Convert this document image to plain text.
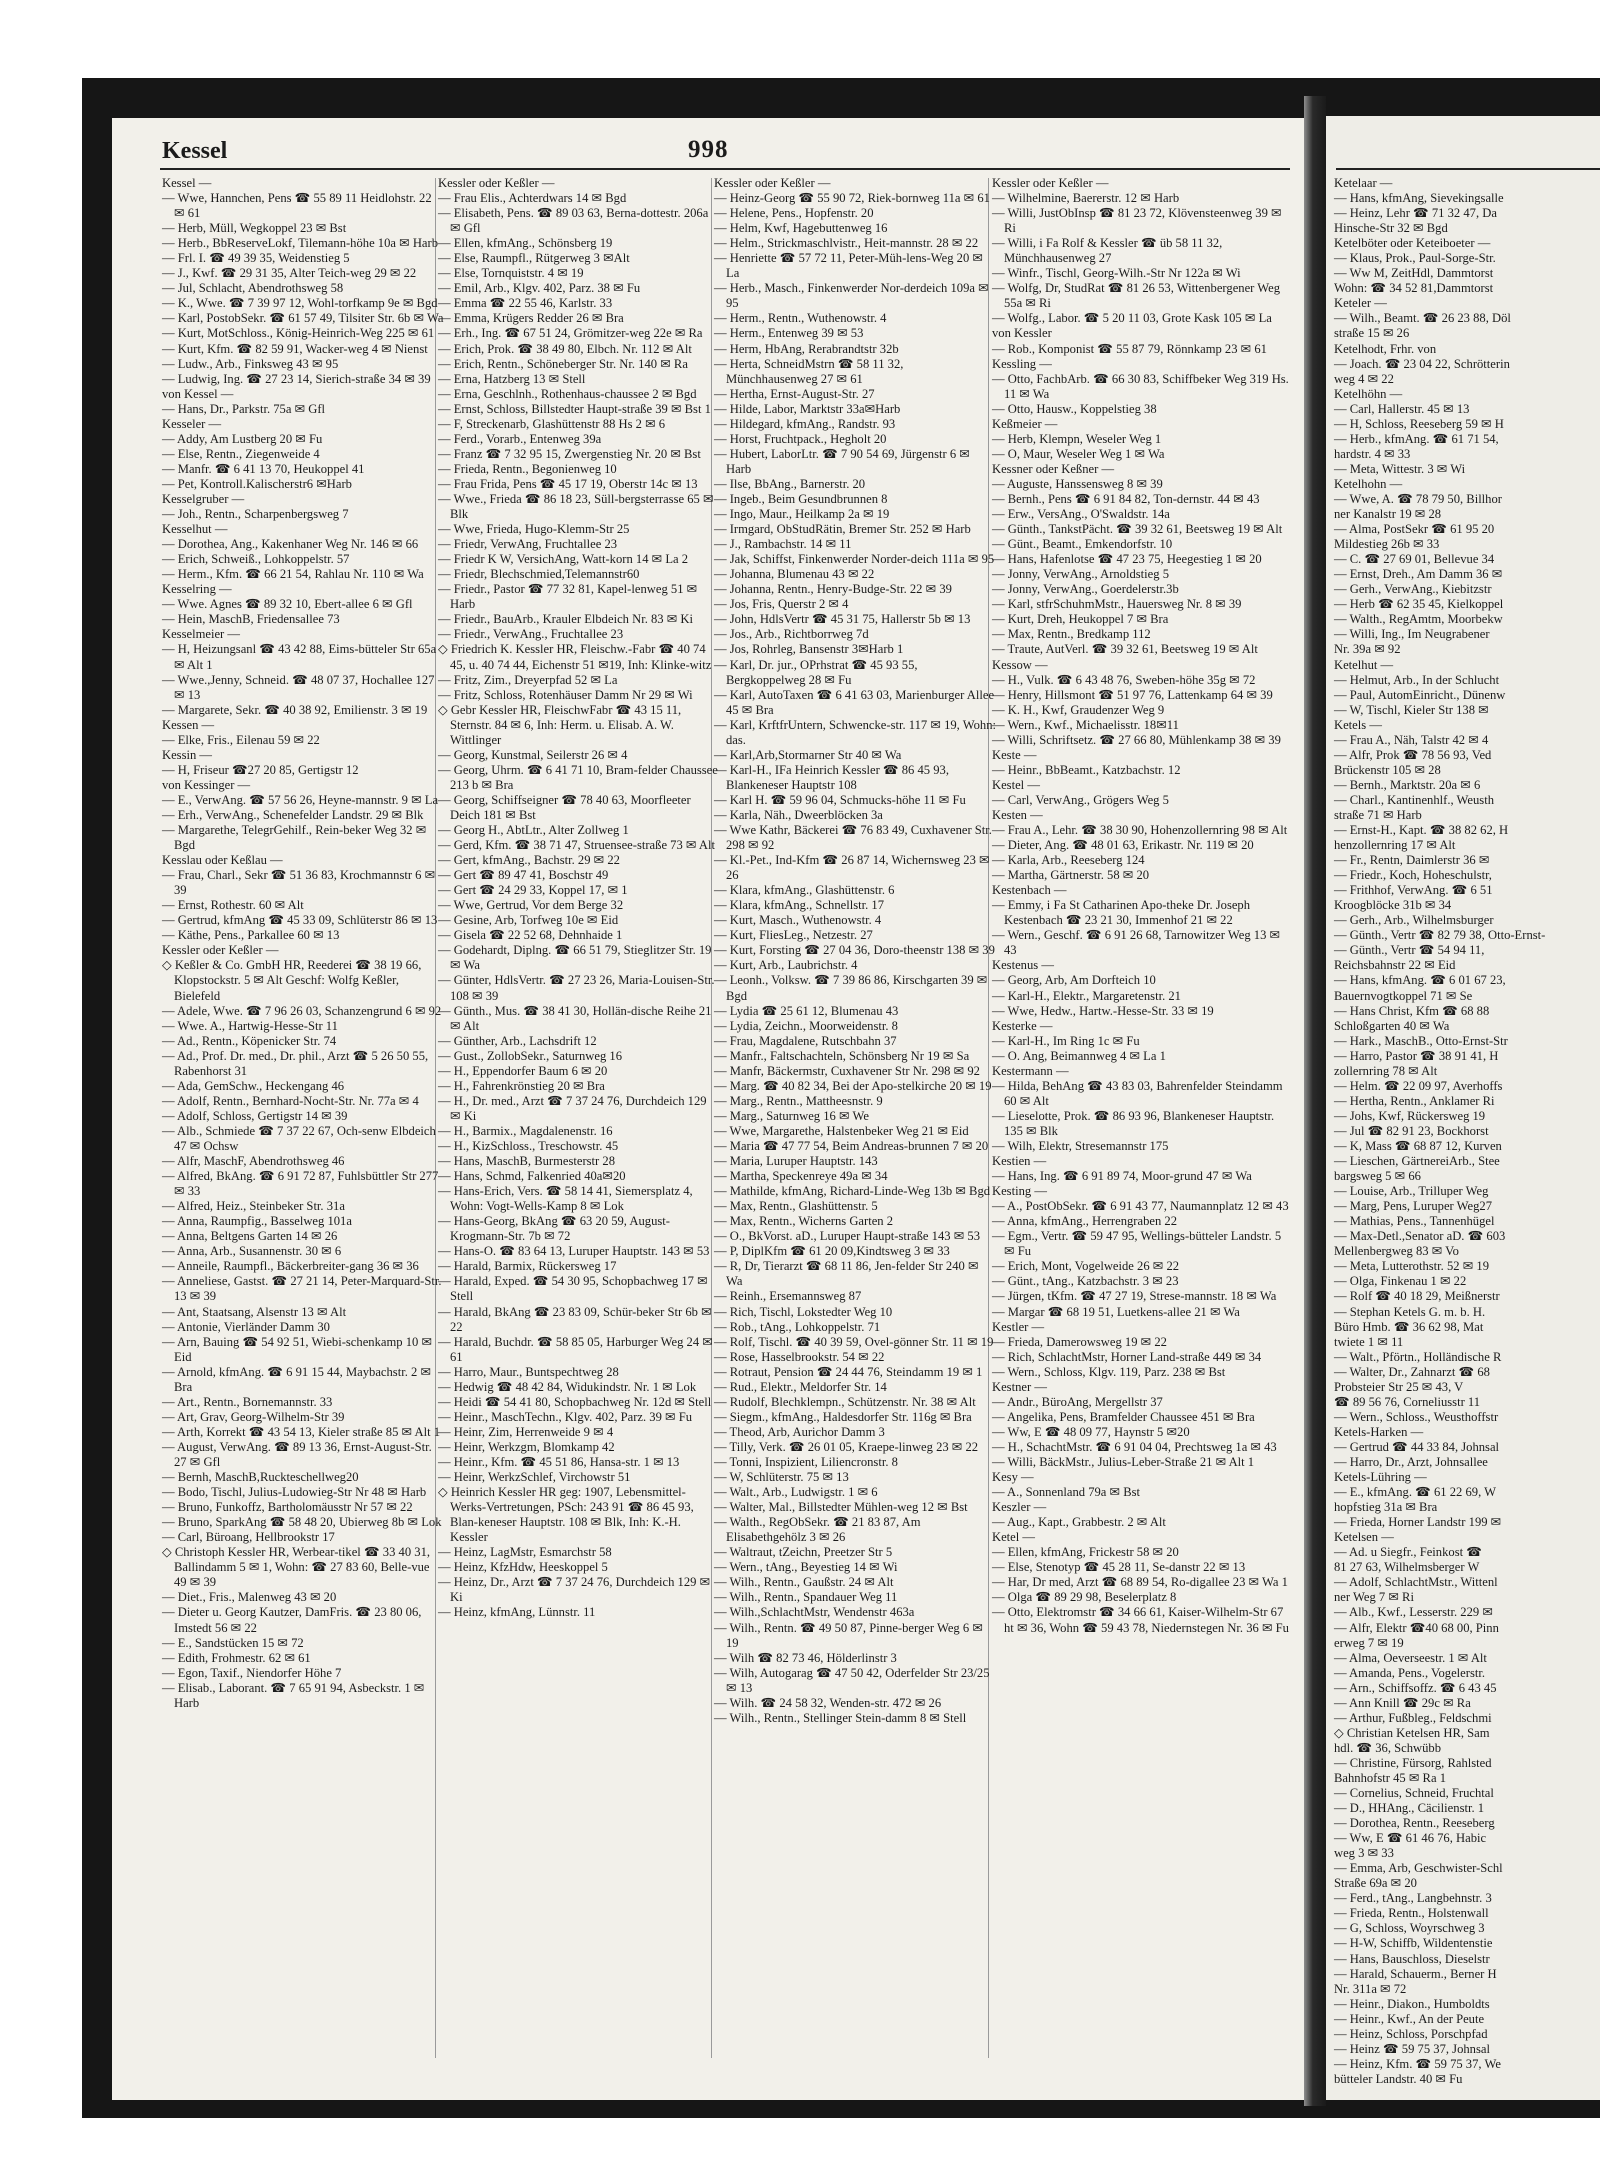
Kessel	998

Kessel —

— Wwe, Hannchen, Pens ☎ 55 89 11 Heidlohstr. 22 ✉ 61

— Herb, Müll, Wegkoppel 23 ✉ Bst

— Herb., BbReserveLokf, Tilemann-höhe 10a ✉ Harb

— Frl. I. ☎ 49 39 35, Weidenstieg 5

— J., Kwf. ☎ 29 31 35, Alter Teich-weg 29 ✉ 22

— Jul, Schlacht, Abendrothsweg 58

— K., Wwe. ☎ 7 39 97 12, Wohl-torfkamp 9e ✉ Bgd

— Karl, PostobSekr. ☎ 61 57 49, Tilsiter Str. 6b ✉ Wa

— Kurt, MotSchloss., König-Heinrich-Weg 225 ✉ 61

— Kurt, Kfm. ☎ 82 59 91, Wacker-weg 4 ✉ Nienst

— Ludw., Arb., Finksweg 43 ✉ 95

— Ludwig, Ing. ☎ 27 23 14, Sierich-straße 34 ✉ 39

von Kessel —

— Hans, Dr., Parkstr. 75a ✉ Gfl

Kesseler —

— Addy, Am Lustberg 20 ✉ Fu

— Else, Rentn., Ziegenweide 4

— Manfr. ☎ 6 41 13 70, Heukoppel 41

— Pet, Kontroll.Kalischerstr6 ✉Harb

Kesselgruber —

— Joh., Rentn., Scharpenbergsweg 7

Kesselhut —

— Dorothea, Ang., Kakenhaner Weg Nr. 146 ✉ 66

— Erich, Schweiß., Lohkoppelstr. 57

— Herm., Kfm. ☎ 66 21 54, Rahlau Nr. 110 ✉ Wa

Kesselring —

— Wwe. Agnes ☎ 89 32 10, Ebert-allee 6 ✉ Gfl

— Hein, MaschB, Friedensallee 73

Kesselmeier —

— H, Heizungsanl ☎ 43 42 88, Eims-bütteler Str 65a ✉ Alt 1

— Wwe.,Jenny, Schneid. ☎ 48 07 37, Hochallee 127 ✉ 13

— Margarete, Sekr. ☎ 40 38 92, Emilienstr. 3 ✉ 19

Kessen —

— Elke, Fris., Eilenau 59 ✉ 22

Kessin —

— H, Friseur ☎27 20 85, Gertigstr 12

von Kessinger —

— E., VerwAng. ☎ 57 56 26, Heyne-mannstr. 9 ✉ La

— Erh., VerwAng., Schenefelder Landstr. 29 ✉ Blk

— Margarethe, TelegrGehilf., Rein-beker Weg 32 ✉ Bgd

Kesslau oder Keßlau —

— Frau, Charl., Sekr ☎ 51 36 83, Krochmannstr 6 ✉ 39

— Ernst, Rothestr. 60 ✉ Alt

— Gertrud, kfmAng ☎ 45 33 09, Schlüterstr 86 ✉ 13

— Käthe, Pens., Parkallee 60 ✉ 13

Kessler oder Keßler —

◇ Keßler & Co. GmbH HR, Reederei ☎ 38 19 66, Klopstockstr. 5 ✉ Alt Geschf: Wolfg Keßler, Bielefeld

— Adele, Wwe. ☎ 7 96 26 03, Schanzengrund 6 ✉ 92

— Wwe. A., Hartwig-Hesse-Str 11

— Ad., Rentn., Köpenicker Str. 74

— Ad., Prof. Dr. med., Dr. phil., Arzt ☎ 5 26 50 55, Rabenhorst 31

— Ada, GemSchw., Heckengang 46

— Adolf, Rentn., Bernhard-Nocht-Str. Nr. 77a ✉ 4

— Adolf, Schloss, Gertigstr 14 ✉ 39

— Alb., Schmiede ☎ 7 37 22 67, Och-senw Elbdeich 47 ✉ Ochsw

— Alfr, MaschF, Abendrothsweg 46

— Alfred, BkAng. ☎ 6 91 72 87, Fuhlsbüttler Str 277 ✉ 33

— Alfred, Heiz., Steinbeker Str. 31a

— Anna, Raumpfig., Basselweg 101a

— Anna, Beltgens Garten 14 ✉ 26

— Anna, Arb., Susannenstr. 30 ✉ 6

— Anneile, Raumpfl., Bäckerbreiter-gang 36 ✉ 36

— Anneliese, Gastst. ☎ 27 21 14, Peter-Marquard-Str. 13 ✉ 39

— Ant, Staatsang, Alsenstr 13 ✉ Alt

— Antonie, Vierländer Damm 30

— Arn, Bauing ☎ 54 92 51, Wiebi-schenkamp 10 ✉ Eid

— Arnold, kfmAng. ☎ 6 91 15 44, Maybachstr. 2 ✉ Bra

— Art., Rentn., Bornemannstr. 33

— Art, Grav, Georg-Wilhelm-Str 39

— Arth, Korrekt ☎ 43 54 13, Kieler straße 85 ✉ Alt 1

— August, VerwAng. ☎ 89 13 36, Ernst-August-Str. 27 ✉ Gfl

— Bernh, MaschB,Ruckteschellweg20

— Bodo, Tischl, Julius-Ludowieg-Str Nr 48 ✉ Harb

— Bruno, Funkoffz, Bartholomäusstr Nr 57 ✉ 22

— Bruno, SparkAng ☎ 58 48 20, Ubierweg 8b ✉ Lok

— Carl, Büroang, Hellbrookstr 17

◇ Christoph Kessler HR, Werbear-tikel ☎ 33 40 31, Ballindamm 5 ✉ 1, Wohn: ☎ 27 83 60, Belle-vue 49 ✉ 39

— Diet., Fris., Malenweg 43 ✉ 20

— Dieter u. Georg Kautzer, DamFris. ☎ 23 80 06, Imstedt 56 ✉ 22

— E., Sandstücken 15 ✉ 72

— Edith, Frohmestr. 62 ✉ 61

— Egon, Taxif., Niendorfer Höhe 7

— Elisab., Laborant. ☎ 7 65 91 94, Asbeckstr. 1 ✉ Harb

Kessler oder Keßler —

— Frau Elis., Achterdwars 14 ✉ Bgd

— Elisabeth, Pens. ☎ 89 03 63, Berna-dottestr. 206a ✉ Gfl

— Ellen, kfmAng., Schönsberg 19

— Else, Raumpfl., Rütgerweg 3 ✉Alt

— Else, Tornquiststr. 4 ✉ 19

— Emil, Arb., Klgv. 402, Parz. 38 ✉ Fu

— Emma ☎ 22 55 46, Karlstr. 33

— Emma, Krügers Redder 26 ✉ Bra

— Erh., Ing. ☎ 67 51 24, Grömitzer-weg 22e ✉ Ra

— Erich, Prok. ☎ 38 49 80, Elbch. Nr. 112 ✉ Alt

— Erich, Rentn., Schöneberger Str. Nr. 140 ✉ Ra

— Erna, Hatzberg 13 ✉ Stell

— Erna, Geschlnh., Rothenhaus-chaussee 2 ✉ Bgd

— Ernst, Schloss, Billstedter Haupt-straße 39 ✉ Bst 1

— F, Streckenarb, Glashüttenstr 88 Hs 2 ✉ 6

— Ferd., Vorarb., Entenweg 39a

— Franz ☎ 7 32 95 15, Zwergenstieg Nr. 20 ✉ Bst

— Frieda, Rentn., Begonienweg 10

— Frau Frida, Pens ☎ 45 17 19, Oberstr 14c ✉ 13

— Wwe., Frieda ☎ 86 18 23, Süll-bergsterrasse 65 ✉ Blk

— Wwe, Frieda, Hugo-Klemm-Str 25

— Friedr, VerwAng, Fruchtallee 23

— Friedr K W, VersichAng, Watt-korn 14 ✉ La 2

— Friedr, Blechschmied,Telemannstr60

— Friedr., Pastor ☎ 77 32 81, Kapel-lenweg 51 ✉ Harb

— Friedr., BauArb., Krauler Elbdeich Nr. 83 ✉ Ki

— Friedr., VerwAng., Fruchtallee 23

◇ Friedrich K. Kessler HR, Fleischw.-Fabr ☎ 40 74 45, u. 40 74 44, Eichenstr 51 ✉19, Inh: Klinke-witz

— Fritz, Zim., Dreyerpfad 52 ✉ La

— Fritz, Schloss, Rotenhäuser Damm Nr 29 ✉ Wi

◇ Gebr Kessler HR, FleischwFabr ☎ 43 15 11, Sternstr. 84 ✉ 6, Inh: Herm. u. Elisab. A. W. Wittlinger

— Georg, Kunstmal, Seilerstr 26 ✉ 4

— Georg, Uhrm. ☎ 6 41 71 10, Bram-felder Chaussee 213 b ✉ Bra

— Georg, Schiffseigner ☎ 78 40 63, Moorfleeter Deich 181 ✉ Bst

— Georg H., AbtLtr., Alter Zollweg 1

— Gerd, Kfm. ☎ 38 71 47, Struensee-straße 73 ✉ Alt

— Gert, kfmAng., Bachstr. 29 ✉ 22

— Gert ☎ 89 47 41, Boschstr 49

— Gert ☎ 24 29 33, Koppel 17, ✉ 1

— Wwe, Gertrud, Vor dem Berge 32

— Gesine, Arb, Torfweg 10e ✉ Eid

— Gisela ☎ 22 52 68, Dehnhaide 1

— Godehardt, Diplng. ☎ 66 51 79, Stieglitzer Str. 19 ✉ Wa

— Günter, HdlsVertr. ☎ 27 23 26, Maria-Louisen-Str. 108 ✉ 39

— Günth., Mus. ☎ 38 41 30, Hollän-dische Reihe 21 ✉ Alt

— Günther, Arb., Lachsdrift 12

— Gust., ZollobSekr., Saturnweg 16

— H., Eppendorfer Baum 6 ✉ 20

— H., Fahrenkrönstieg 20 ✉ Bra

— H., Dr. med., Arzt ☎ 7 37 24 76, Durchdeich 129 ✉ Ki

— H., Barmix., Magdalenenstr. 16

— H., KizSchloss., Treschowstr. 45

— Hans, MaschB, Burmesterstr 28

— Hans, Schmd, Falkenried 40a✉20

— Hans-Erich, Vers. ☎ 58 14 41, Siemersplatz 4, Wohn: Vogt-Wells-Kamp 8 ✉ Lok

— Hans-Georg, BkAng ☎ 63 20 59, August-Krogmann-Str. 7b ✉ 72

— Hans-O. ☎ 83 64 13, Luruper Hauptstr. 143 ✉ 53

— Harald, Barmix, Rückersweg 17

— Harald, Exped. ☎ 54 30 95, Schopbachweg 17 ✉ Stell

— Harald, BkAng ☎ 23 83 09, Schür-beker Str 6b ✉ 22

— Harald, Buchdr. ☎ 58 85 05, Harburger Weg 24 ✉ 61

— Harro, Maur., Buntspechtweg 28

— Hedwig ☎ 48 42 84, Widukindstr. Nr. 1 ✉ Lok

— Heidi ☎ 54 41 80, Schopbachweg Nr. 12d ✉ Stell

— Heinr., MaschTechn., Klgv. 402, Parz. 39 ✉ Fu

— Heinr, Zim, Herrenweide 9 ✉ 4

— Heinr, Werkzgm, Blomkamp 42

— Heinr., Kfm. ☎ 45 51 86, Hansa-str. 1 ✉ 13

— Heinr, WerkzSchlef, Virchowstr 51

◇ Heinrich Kessler HR geg: 1907, Lebensmittel-Werks-Vertretungen, PSch: 243 91 ☎ 86 45 93, Blan-keneser Hauptstr. 108 ✉ Blk, Inh: K.-H. Kessler

— Heinz, LagMstr, Esmarchstr 58

— Heinz, KfzHdw, Heeskoppel 5

— Heinz, Dr., Arzt ☎ 7 37 24 76, Durchdeich 129 ✉ Ki

— Heinz, kfmAng, Lünnstr. 11

Kessler oder Keßler —

— Heinz-Georg ☎ 55 90 72, Riek-bornweg 11a ✉ 61

— Helene, Pens., Hopfenstr. 20

— Helm, Kwf, Hagebuttenweg 16

— Helm., Strickmaschlvistr., Heit-mannstr. 28 ✉ 22

— Henriette ☎ 57 72 11, Peter-Müh-lens-Weg 20 ✉ La

— Herb., Masch., Finkenwerder Nor-derdeich 109a ✉ 95

— Herm., Rentn., Wuthenowstr. 4

— Herm., Entenweg 39 ✉ 53

— Herm, HbAng, Rerabrandtstr 32b

— Herta, SchneidMstrn ☎ 58 11 32, Münchhausenweg 27 ✉ 61

— Hertha, Ernst-August-Str. 27

— Hilde, Labor, Marktstr 33a✉Harb

— Hildegard, kfmAng., Randstr. 93

— Horst, Fruchtpack., Hegholt 20

— Hubert, LaborLtr. ☎ 7 90 54 69, Jürgenstr 6 ✉ Harb

— Ilse, BbAng., Barnerstr. 20

— Ingeb., Beim Gesundbrunnen 8

— Ingo, Maur., Heilkamp 2a ✉ 19

— Irmgard, ObStudRätin, Bremer Str. 252 ✉ Harb

— J., Rambachstr. 14 ✉ 11

— Jak, Schiffst, Finkenwerder Norder-deich 111a ✉ 95

— Johanna, Blumenau 43 ✉ 22

— Johanna, Rentn., Henry-Budge-Str. 22 ✉ 39

— Jos, Fris, Querstr 2 ✉ 4

— John, HdlsVertr ☎ 45 31 75, Hallerstr 5b ✉ 13

— Jos., Arb., Richtborrweg 7d

— Jos, Rohrleg, Bansenstr 3✉Harb 1

— Karl, Dr. jur., OPrhstrat ☎ 45 93 55, Bergkoppelweg 28 ✉ Fu

— Karl, AutoTaxen ☎ 6 41 63 03, Marienburger Allee 45 ✉ Bra

— Karl, KrftfrUntern, Schwencke-str. 117 ✉ 19, Wohn: das.

— Karl,Arb,Stormarner Str 40 ✉ Wa

— Karl-H., IFa Heinrich Kessler ☎ 86 45 93, Blankeneser Hauptstr 108

— Karl H. ☎ 59 96 04, Schmucks-höhe 11 ✉ Fu

— Karla, Näh., Dweerblöcken 3a

— Wwe Kathr, Bäckerei ☎ 76 83 49, Cuxhavener Str. 298 ✉ 92

— Kl.-Pet., Ind-Kfm ☎ 26 87 14, Wichernsweg 23 ✉ 26

— Klara, kfmAng., Glashüttenstr. 6

— Klara, kfmAng., Schnellstr. 17

— Kurt, Masch., Wuthenowstr. 4

— Kurt, FliesLeg., Netzestr. 27

— Kurt, Forsting ☎ 27 04 36, Doro-theenstr 138 ✉ 39

— Kurt, Arb., Laubrichstr. 4

— Leonh., Volksw. ☎ 7 39 86 86, Kirschgarten 39 ✉ Bgd

— Lydia ☎ 25 61 12, Blumenau 43

— Lydia, Zeichn., Moorweidenstr. 8

— Frau, Magdalene, Rutschbahn 37

— Manfr., Faltschachteln, Schönsberg Nr 19 ✉ Sa

— Manfr, Bäckermstr, Cuxhavener Str Nr. 298 ✉ 92

— Marg. ☎ 40 82 34, Bei der Apo-stelkirche 20 ✉ 19

— Marg., Rentn., Mattheesnstr. 9

— Marg., Saturnweg 16 ✉ We

— Wwe, Margarethe, Halstenbeker Weg 21 ✉ Eid

— Maria ☎ 47 77 54, Beim Andreas-brunnen 7 ✉ 20

— Maria, Luruper Hauptstr. 143

— Martha, Speckenreye 49a ✉ 34

— Mathilde, kfmAng, Richard-Linde-Weg 13b ✉ Bgd

— Max, Rentn., Glashüttenstr. 5

— Max, Rentn., Wicherns Garten 2

— O., BkVorst. aD., Luruper Haupt-straße 143 ✉ 53

— P, DiplKfm ☎ 61 20 09,Kindtsweg 3 ✉ 33

— R, Dr, Tierarzt ☎ 68 11 86, Jen-felder Str 240 ✉ Wa

— Reinh., Ersemannsweg 87

— Rich, Tischl, Lokstedter Weg 10

— Rob., tAng., Lohkoppelstr. 71

— Rolf, Tischl. ☎ 40 39 59, Ovel-gönner Str. 11 ✉ 19

— Rose, Hasselbrookstr. 54 ✉ 22

— Rotraut, Pension ☎ 24 44 76, Steindamm 19 ✉ 1

— Rud., Elektr., Meldorfer Str. 14

— Rudolf, Blechklempn., Schützenstr. Nr. 38 ✉ Alt

— Siegm., kfmAng., Haldesdorfer Str. 116g ✉ Bra

— Theod, Arb, Aurichor Damm 3

— Tilly, Verk. ☎ 26 01 05, Kraepe-linweg 23 ✉ 22

— Tonni, Inspizient, Liliencronstr. 8

— W, Schlüterstr. 75 ✉ 13

— Walt., Arb., Ludwigstr. 1 ✉ 6

— Walter, Mal., Billstedter Mühlen-weg 12 ✉ Bst

— Walth., RegObSekr. ☎ 21 83 87, Am Elisabethgehölz 3 ✉ 26

— Waltraut, tZeichn, Preetzer Str 5

— Wern., tAng., Beyestieg 14 ✉ Wi

— Wilh., Rentn., Gaußstr. 24 ✉ Alt

— Wilh., Rentn., Spandauer Weg 11

— Wilh.,SchlachtMstr, Wendenstr 463a

— Wilh., Rentn. ☎ 49 50 87, Pinne-berger Weg 6 ✉ 19

— Wilh ☎ 82 73 46, Hölderlinstr 3

— Wilh, Autogarag ☎ 47 50 42, Oderfelder Str 23/25 ✉ 13

— Wilh. ☎ 24 58 32, Wenden-str. 472 ✉ 26

— Wilh., Rentn., Stellinger Stein-damm 8 ✉ Stell

Kessler oder Keßler —

— Wilhelmine, Baererstr. 12 ✉ Harb

— Willi, JustObInsp ☎ 81 23 72, Klövensteenweg 39 ✉ Ri

— Willi, i Fa Rolf & Kessler ☎ üb 58 11 32, Münchhausenweg 27

— Winfr., Tischl, Georg-Wilh.-Str Nr 122a ✉ Wi

— Wolfg, Dr, StudRat ☎ 81 26 53, Wittenbergener Weg 55a ✉ Ri

— Wolfg., Labor. ☎ 5 20 11 03, Grote Kask 105 ✉ La

von Kessler

— Rob., Komponist ☎ 55 87 79, Rönnkamp 23 ✉ 61

Kessling —

— Otto, FachbArb. ☎ 66 30 83, Schiffbeker Weg 319 Hs. 11 ✉ Wa

— Otto, Hausw., Koppelstieg 38

Keßmeier —

— Herb, Klempn, Weseler Weg 1

— O, Maur, Weseler Weg 1 ✉ Wa

Kessner oder Keßner —

— Auguste, Hanssensweg 8 ✉ 39

— Bernh., Pens ☎ 6 91 84 82, Ton-dernstr. 44 ✉ 43

— Erw., VersAng., O'Swaldstr. 14a

— Günth., TankstPächt. ☎ 39 32 61, Beetsweg 19 ✉ Alt

— Günt., Beamt., Emkendorfstr. 10

— Hans, Hafenlotse ☎ 47 23 75, Heegestieg 1 ✉ 20

— Jonny, VerwAng., Arnoldstieg 5

— Jonny, VerwAng., Goerdelerstr.3b

— Karl, stfrSchuhmMstr., Hauersweg Nr. 8 ✉ 39

— Kurt, Dreh, Heukoppel 7 ✉ Bra

— Max, Rentn., Bredkamp 112

— Traute, AutVerl. ☎ 39 32 61, Beetsweg 19 ✉ Alt

Kessow —

— H., Vulk. ☎ 6 43 48 76, Sweben-höhe 35g ✉ 72

— Henry, Hillsmont ☎ 51 97 76, Lattenkamp 64 ✉ 39

— K. H., Kwf, Graudenzer Weg 9

— Wern., Kwf., Michaelisstr. 18✉11

— Willi, Schriftsetz. ☎ 27 66 80, Mühlenkamp 38 ✉ 39

Keste —

— Heinr., BbBeamt., Katzbachstr. 12

Kestel —

— Carl, VerwAng., Grögers Weg 5

Kesten —

— Frau A., Lehr. ☎ 38 30 90, Hohenzollernring 98 ✉ Alt

— Dieter, Ang. ☎ 48 01 63, Erikastr. Nr. 119 ✉ 20

— Karla, Arb., Reeseberg 124

— Martha, Gärtnerstr. 58 ✉ 20

Kestenbach —

— Emmy, i Fa St Catharinen Apo-theke Dr. Joseph Kestenbach ☎ 23 21 30, Immenhof 21 ✉ 22

— Wern., Geschf. ☎ 6 91 26 68, Tarnowitzer Weg 13 ✉ 43

Kestenus —

— Georg, Arb, Am Dorfteich 10

— Karl-H., Elektr., Margaretenstr. 21

— Wwe, Hedw., Hartw.-Hesse-Str. 33 ✉ 19

Kesterke —

— Karl-H., Im Ring 1c ✉ Fu

— O. Ang, Beimannweg 4 ✉ La 1

Kestermann —

— Hilda, BehAng ☎ 43 83 03, Bahrenfelder Steindamm 60 ✉ Alt

— Lieselotte, Prok. ☎ 86 93 96, Blankeneser Hauptstr. 135 ✉ Blk

— Wilh, Elektr, Stresemannstr 175

Kestien —

— Hans, Ing. ☎ 6 91 89 74, Moor-grund 47 ✉ Wa

Kesting —

— A., PostObSekr. ☎ 6 91 43 77, Naumannplatz 12 ✉ 43

— Anna, kfmAng., Herrengraben 22

— Egm., Vertr. ☎ 59 47 95, Wellings-bütteler Landstr. 5 ✉ Fu

— Erich, Mont, Vogelweide 26 ✉ 22

— Günt., tAng., Katzbachstr. 3 ✉ 23

— Jürgen, tKfm. ☎ 47 27 19, Strese-mannstr. 18 ✉ Wa

— Margar ☎ 68 19 51, Luetkens-allee 21 ✉ Wa

Kestler —

— Frieda, Damerowsweg 19 ✉ 22

— Rich, SchlachtMstr, Horner Land-straße 449 ✉ 34

— Wern., Schloss, Klgv. 119, Parz. 238 ✉ Bst

Kestner —

— Andr., BüroAng, Mergellstr 37

— Angelika, Pens, Bramfelder Chaussee 451 ✉ Bra

— Ww, E ☎ 48 09 77, Haynstr 5 ✉20

— H., SchachtMstr. ☎ 6 91 04 04, Prechtsweg 1a ✉ 43

— Willi, BäckMstr., Julius-Leber-Straße 21 ✉ Alt 1

Kesy —

— A., Sonnenland 79a ✉ Bst

Keszler —

— Aug., Kapt., Grabbestr. 2 ✉ Alt

Ketel —

— Ellen, kfmAng, Frickestr 58 ✉ 20

— Else, Stenotyp ☎ 45 28 11, Se-danstr 22 ✉ 13

— Har, Dr med, Arzt ☎ 68 89 54, Ro-digallee 23 ✉ Wa 1

— Olga ☎ 89 29 98, Beselerplatz 8

— Otto, Elektromstr ☎ 34 66 61, Kaiser-Wilhelm-Str 67 ht ✉ 36, Wohn ☎ 59 43 78, Niedernstegen Nr. 36 ✉ Fu

Ketelaar —

— Hans, kfmAng, Sievekingsalle

— Heinz, Lehr ☎ 71 32 47, Da

Hinsche-Str 32 ✉ Bgd

Ketelböter oder Keteiboeter —

— Klaus, Prok., Paul-Sorge-Str.

— Ww M, ZeitHdl, Dammtorst

Wohn: ☎ 34 52 81,Dammtorst

Keteler —

— Wilh., Beamt. ☎ 26 23 88, Döl

straße 15 ✉ 26

Ketelhodt, Frhr. von

— Joach. ☎ 23 04 22, Schrötterin

weg 4 ✉ 22

Ketelhöhn —

— Carl, Hallerstr. 45 ✉ 13

— H, Schloss, Reeseberg 59 ✉ H

— Herb., kfmAng. ☎ 61 71 54,

hardstr. 4 ✉ 33

— Meta, Wittestr. 3 ✉ Wi

Ketelhohn —

— Wwe, A. ☎ 78 79 50, Billhor

ner Kanalstr 19 ✉ 28

— Alma, PostSekr ☎ 61 95 20

Mildestieg 26b ✉ 33

— C. ☎ 27 69 01, Bellevue 34

— Ernst, Dreh., Am Damm 36 ✉

— Gerh., VerwAng., Kiebitzstr

— Herb ☎ 62 35 45, Kielkoppel

— Walth., RegAmtm, Moorbekw

— Willi, Ing., Im Neugrabener

Nr. 39a ✉ 92

Ketelhut —

— Helmut, Arb., In der Schlucht

— Paul, AutomEinricht., Dünenw

— W, Tischl, Kieler Str 138 ✉

Ketels —

— Frau A., Näh, Talstr 42 ✉ 4

— Alfr, Prok ☎ 78 56 93, Ved

Brückenstr 105 ✉ 28

— Bernh., Marktstr. 20a ✉ 6

— Charl., Kantinenhlf., Weusth

straße 71 ✉ Harb

— Ernst-H., Kapt. ☎ 38 82 62, H

henzollernring 17 ✉ Alt

— Fr., Rentn, Daimlerstr 36 ✉

— Friedr., Koch, Hoheschulstr,

— Frithhof, VerwAng. ☎ 6 51

Kroogblöcke 31b ✉ 34

— Gerh., Arb., Wilhelmsburger

— Günth., Vertr ☎ 82 79 38, Otto-Ernst-

— Günth., Vertr ☎ 54 94 11,

Reichsbahnstr 22 ✉ Eid

— Hans, kfmAng. ☎ 6 01 67 23,

Bauernvogtkoppel 71 ✉ Se

— Hans Christ, Kfm ☎ 68 88

Schloßgarten 40 ✉ Wa

— Hark., MaschB., Otto-Ernst-Str

— Harro, Pastor ☎ 38 91 41, H

zollernring 78 ✉ Alt

— Helm. ☎ 22 09 97, Averhoffs

— Hertha, Rentn., Anklamer Ri

— Johs, Kwf, Rückersweg 19

— Jul ☎ 82 91 23, Bockhorst

— K, Mass ☎ 68 87 12, Kurven

— Lieschen, GärtnereiArb., Stee

bargsweg 5 ✉ 66

— Louise, Arb., Trilluper Weg

— Marg, Pens, Luruper Weg27

— Mathias, Pens., Tannenhügel

— Max-Detl.,Senator aD. ☎ 603

Mellenbergweg 83 ✉ Vo

— Meta, Lutterothstr. 52 ✉ 19

— Olga, Finkenau 1 ✉ 22

— Rolf ☎ 40 18 29, Meißnerstr

— Stephan Ketels G. m. b. H.

Büro Hmb. ☎ 36 62 98, Mat

twiete 1 ✉ 11

— Walt., Pförtn., Holländische R

— Walter, Dr., Zahnarzt ☎ 68

Probsteier Str 25 ✉ 43, V

☎ 89 56 76, Corneliusstr 11

— Wern., Schloss., Weusthoffstr

Ketels-Harken —

— Gertrud ☎ 44 33 84, Johnsal

— Harro, Dr., Arzt, Johnsallee

Ketels-Lühring —

— E., kfmAng. ☎ 61 22 69, W

hopfstieg 31a ✉ Bra

— Frieda, Horner Landstr 199 ✉

Ketelsen —

— Ad. u Siegfr., Feinkost ☎

81 27 63, Wilhelmsberger W

— Adolf, SchlachtMstr., Wittenl

ner Weg 7 ✉ Ri

— Alb., Kwf., Lesserstr. 229 ✉

— Alfr, Elektr ☎40 68 00, Pinn

erweg 7 ✉ 19

— Alma, Oeverseestr. 1 ✉ Alt

— Amanda, Pens., Vogelerstr.

— Arn., Schiffsoffz. ☎ 6 43 45

— Ann Knill ☎ 29c ✉ Ra

— Arthur, Fußbleg., Feldschmi

◇ Christian Ketelsen HR, Sam

hdl. ☎ 36, Schwübb

— Christine, Fürsorg, Rahlsted

Bahnhofstr 45 ✉ Ra 1

— Cornelius, Schneid, Fruchtal

— D., HHAng., Cäcilienstr. 1

— Dorothea, Rentn., Reeseberg

— Ww, E ☎ 61 46 76, Habic

weg 3 ✉ 33

— Emma, Arb, Geschwister-Schl

Straße 69a ✉ 20

— Ferd., tAng., Langbehnstr. 3

— Frieda, Rentn., Holstenwall

— G, Schloss, Woyrschweg 3

— H-W, Schiffb, Wildentenstie

— Hans, Bauschloss, Dieselstr

— Harald, Schauerm., Berner H

Nr. 311a ✉ 72

— Heinr., Diakon., Humboldts

— Heinr., Kwf., An der Peute

— Heinz, Schloss, Porschpfad

— Heinz ☎ 59 75 37, Johnsal

— Heinz, Kfm. ☎ 59 75 37, We

bütteler Landstr. 40 ✉ Fu
